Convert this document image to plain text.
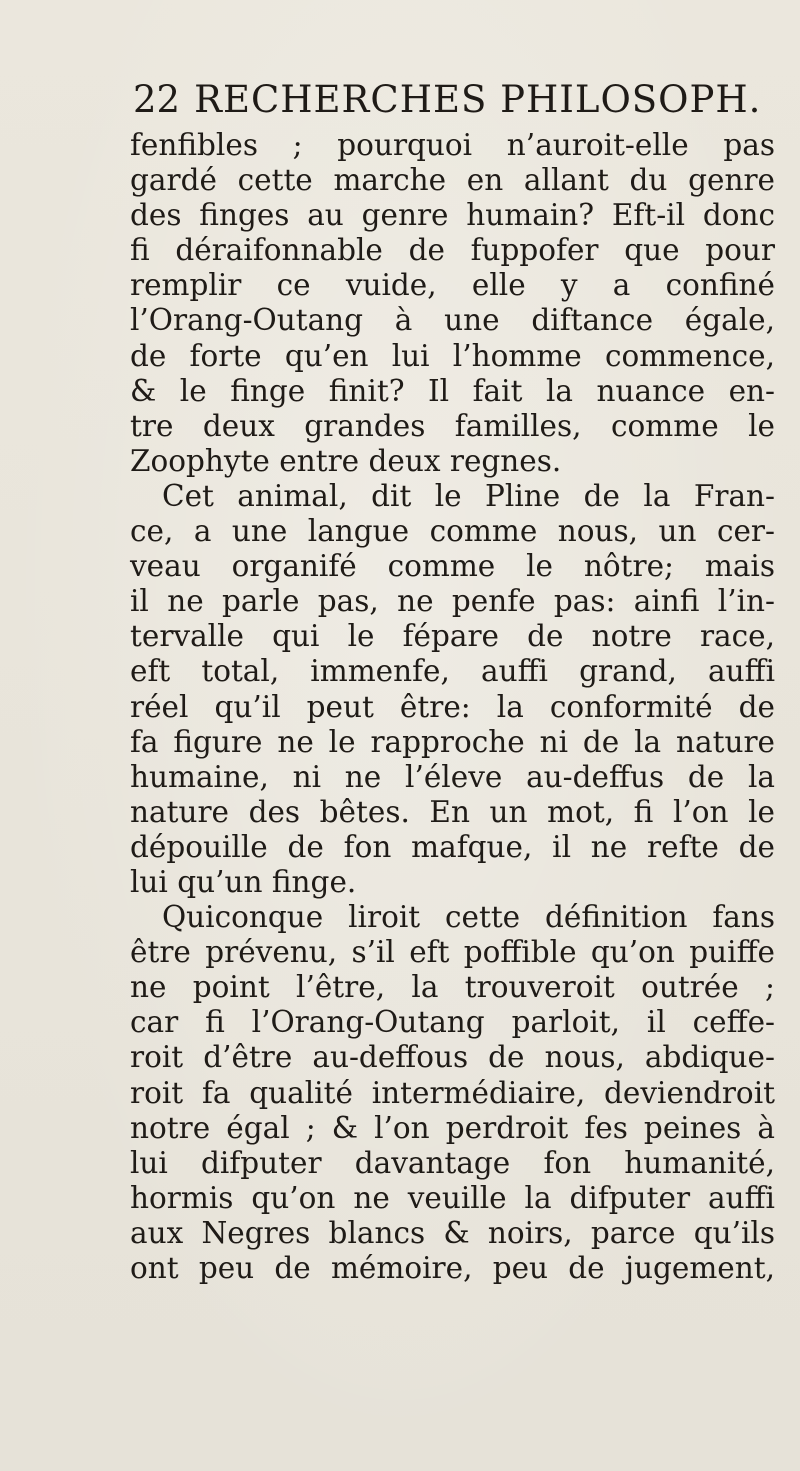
22 RECHERCHES PHILOSOPH.
fenfibles ; pourquoi n’auroit-elle pas
gardé cette marche en allant du genre
des finges au genre humain? Eft-il donc
fi déraifonnable de fuppofer que pour
remplir ce vuide, elle y a confiné
l’Orang-Outang à une diftance égale,
de forte qu’en lui l’homme commence,
& le finge finit? Il fait la nuance en-
tre deux grandes familles, comme le
Zoophyte entre deux regnes.
Cet animal, dit le Pline de la Fran-
ce, a une langue comme nous, un cer-
veau organifé comme le nôtre; mais
il ne parle pas, ne penfe pas: ainfi l’in-
tervalle qui le fépare de notre race,
eft total, immenfe, auffi grand, auffi
réel qu’il peut être: la conformité de
fa figure ne le rapproche ni de la nature
humaine, ni ne l’éleve au-deffus de la
nature des bêtes. En un mot, fi l’on le
dépouille de fon mafque, il ne refte de
lui qu’un finge.
Quiconque liroit cette définition fans
être prévenu, s’il eft poffible qu’on puiffe
ne point l’être, la trouveroit outrée ;
car fi l’Orang-Outang parloit, il ceffe-
roit d’être au-deffous de nous, abdique-
roit fa qualité intermédiaire, deviendroit
notre égal ; & l’on perdroit fes peines à
lui difputer davantage fon humanité,
hormis qu’on ne veuille la difputer auffi
aux Negres blancs & noirs, parce qu’ils
ont peu de mémoire, peu de jugement,
